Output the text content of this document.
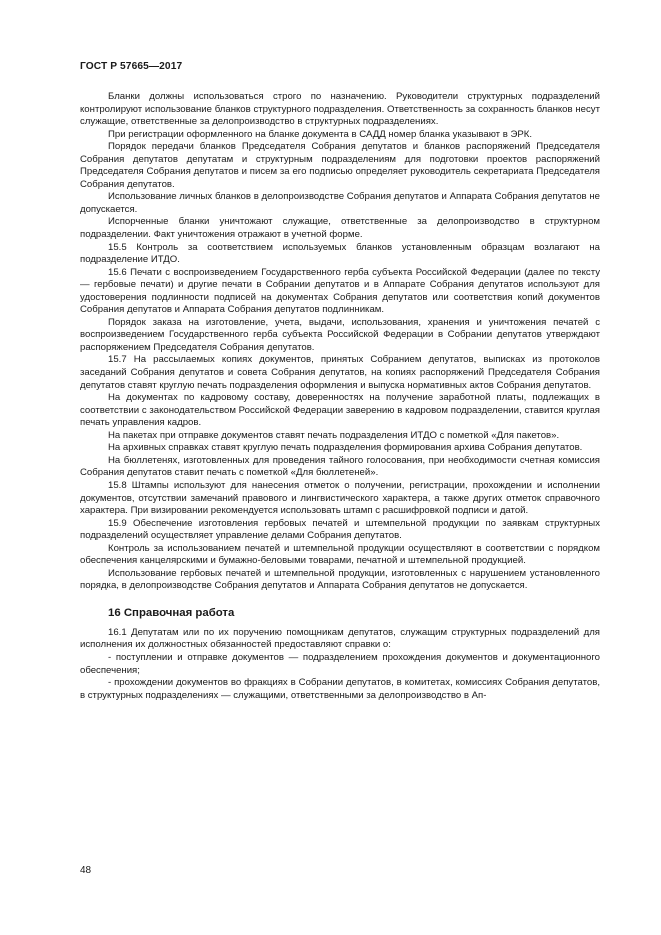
ГОСТ Р 57665—2017

Бланки должны использоваться строго по назначению. Руководители структурных подразделений контролируют использование бланков структурного подразделения. Ответственность за сохранность бланков несут служащие, ответственные за делопроизводство в структурных подразделениях.

При регистрации оформленного на бланке документа в САДД номер бланка указывают в ЭРК.

Порядок передачи бланков Председателя Собрания депутатов и бланков распоряжений Председателя Собрания депутатов депутатам и структурным подразделениям для подготовки проектов распоряжений Председателя Собрания депутатов и писем за его подписью определяет руководитель секретариата Председателя Собрания депутатов.

Использование личных бланков в делопроизводстве Собрания депутатов и Аппарата Собрания депутатов не допускается.

Испорченные бланки уничтожают служащие, ответственные за делопроизводство в структурном подразделении. Факт уничтожения отражают в учетной форме.

15.5 Контроль за соответствием используемых бланков установленным образцам возлагают на подразделение ИТДО.

15.6 Печати с воспроизведением Государственного герба субъекта Российской Федерации (далее по тексту — гербовые печати) и другие печати в Собрании депутатов и в Аппарате Собрания депутатов используют для удостоверения подлинности подписей на документах Собрания депутатов или соответствия копий документов Собрания депутатов и Аппарата Собрания депутатов подлинникам.

Порядок заказа на изготовление, учета, выдачи, использования, хранения и уничтожения печатей с воспроизведением Государственного герба субъекта Российской Федерации в Собрании депутатов утверждают распоряжением Председателя Собрания депутатов.

15.7 На рассылаемых копиях документов, принятых Собранием депутатов, выписках из протоколов заседаний Собрания депутатов и совета Собрания депутатов, на копиях распоряжений Председателя Собрания депутатов ставят круглую печать подразделения оформления и выпуска нормативных актов Собрания депутатов.

На документах по кадровому составу, доверенностях на получение заработной платы, подлежащих в соответствии с законодательством Российской Федерации заверению в кадровом подразделении, ставится круглая печать управления кадров.

На пакетах при отправке документов ставят печать подразделения ИТДО с пометкой «Для пакетов».

На архивных справках ставят круглую печать подразделения формирования архива Собрания депутатов.

На бюллетенях, изготовленных для проведения тайного голосования, при необходимости счетная комиссия Собрания депутатов ставит печать с пометкой «Для бюллетеней».

15.8 Штампы используют для нанесения отметок о получении, регистрации, прохождении и исполнении документов, отсутствии замечаний правового и лингвистического характера, а также других отметок справочного характера. При визировании рекомендуется использовать штамп с расшифровкой подписи и датой.

15.9 Обеспечение изготовления гербовых печатей и штемпельной продукции по заявкам структурных подразделений осуществляет управление делами Собрания депутатов.

Контроль за использованием печатей и штемпельной продукции осуществляют в соответствии с порядком обеспечения канцелярскими и бумажно-беловыми товарами, печатной и штемпельной продукцией.

Использование гербовых печатей и штемпельной продукции, изготовленных с нарушением установленного порядка, в делопроизводстве Собрания депутатов и Аппарата Собрания депутатов не допускается.

16 Справочная работа

16.1 Депутатам или по их поручению помощникам депутатов, служащим структурных подразделений для исполнения их должностных обязанностей предоставляют справки о:

- поступлении и отправке документов — подразделением прохождения документов и документационного обеспечения;

- прохождении документов во фракциях в Собрании депутатов, в комитетах, комиссиях Собрания депутатов, в структурных подразделениях — служащими, ответственными за делопроизводство в Ап-

48
